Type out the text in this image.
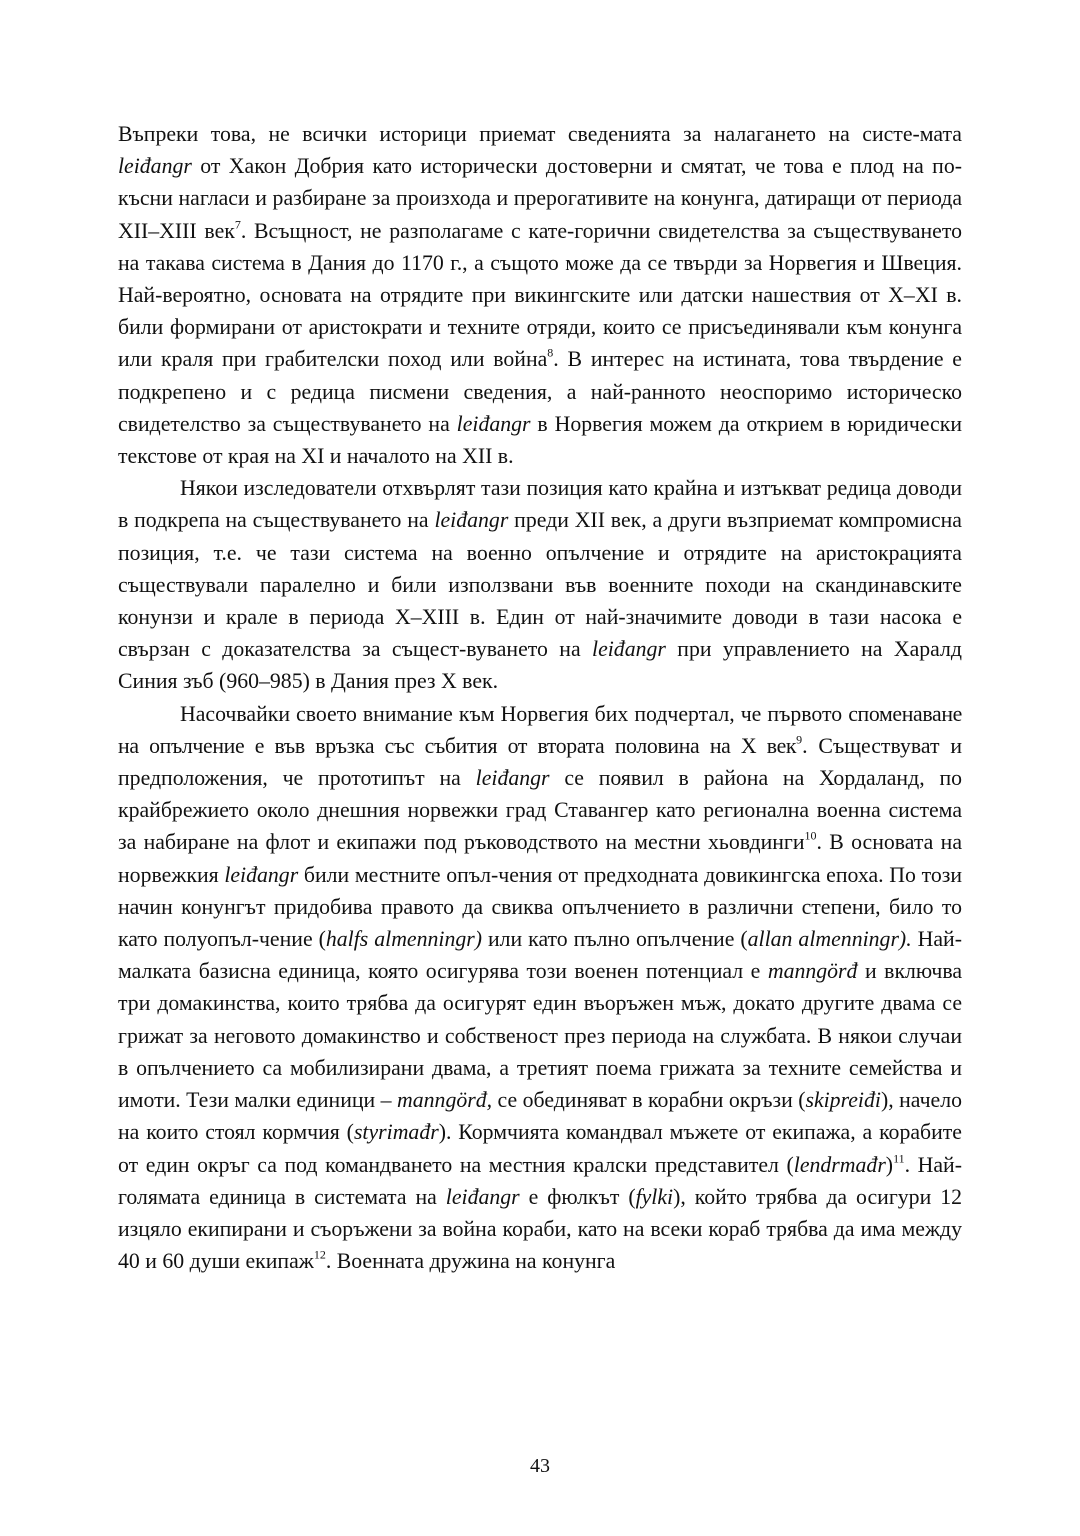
Въпреки това, не всички историци приемат сведенията за налагането на систе-мата leiđangr от Хакон Добрия като исторически достоверни и смятат, че това е плод на по-късни нагласи и разбиране за произхода и прерогативите на конунга, датиращи от периода XII–XIII век$^7$. Всъщност, не разполагаме с кате-горични свидетелства за съществуването на такава система в Дания до 1170 г., а същото може да се твърди за Норвегия и Швеция. Най-вероятно, основата на отрядите при викингските или датски нашествия от X–XI в. били формирани от аристократи и техните отряди, които се присъединявали към конунга или краля при грабителски поход или война$^8$. В интерес на истината, това твърдение е подкрепено и с редица писмени сведения, а най-ранното неоспоримо историческо свидетелство за съществуването на leiđangr в Норвегия можем да открием в юридически текстове от края на XI и началото на XII в.

Някои изследователи отхвърлят тази позиция като крайна и изтъкват редица доводи в подкрепа на съществуването на leiđangr преди XII век, а други възприемат компромисна позиция, т.е. че тази система на военно опълчение и отрядите на аристокрацията съществували паралелно и били използвани във военните походи на скандинавските конунзи и крале в периода X–XIII в. Един от най-значимите доводи в тази насока е свързан с доказателства за същест-вуването на leiđangr при управлението на Харалд Синия зъб (960–985) в Дания през X век.

Насочвайки своето внимание към Норвегия бих подчертал, че първото споменаване на опълчение е във връзка със събития от втората половина на X век$^9$. Съществуват и предположения, че прототипът на leiđangr се появил в района на Хордаланд, по крайбрежието около днешния норвежки град Ставангер като регионална военна система за набиране на флот и екипажи под ръководството на местни хьовдинги$^{10}$. В основата на норвежкия leiđangr били местните опъл-чения от предходната довикингска епоха. По този начин конунгът придобива правото да свиква опълчението в различни степени, било то като полуопъл-чение (halfs almenningr) или като пълно опълчение (allan almenningr). Най-малката базисна единица, която осигурява този военен потенциал е manngörđ и включва три домакинства, които трябва да осигурят един въоръжен мъж, докато другите двама се грижат за неговото домакинство и собственост през периода на службата. В някои случаи в опълчението са мобилизирани двама, а третият поема грижата за техните семейства и имоти. Тези малки единици – manngörđ, се обединяват в корабни окръзи (skipreiđi), начело на които стоял кормчия (styrimađr). Кормчията командвал мъжете от екипажа, а корабите от един окръг са под командването на местния кралски представител (lendrmađr)$^{11}$. Най-голямата единица в системата на leiđangr е фюлкът (fylki), който трябва да осигури 12 изцяло екипирани и съоръжени за война кораби, като на всеки кораб трябва да има между 40 и 60 души екипаж$^{12}$. Военната дружина на конунга

43
